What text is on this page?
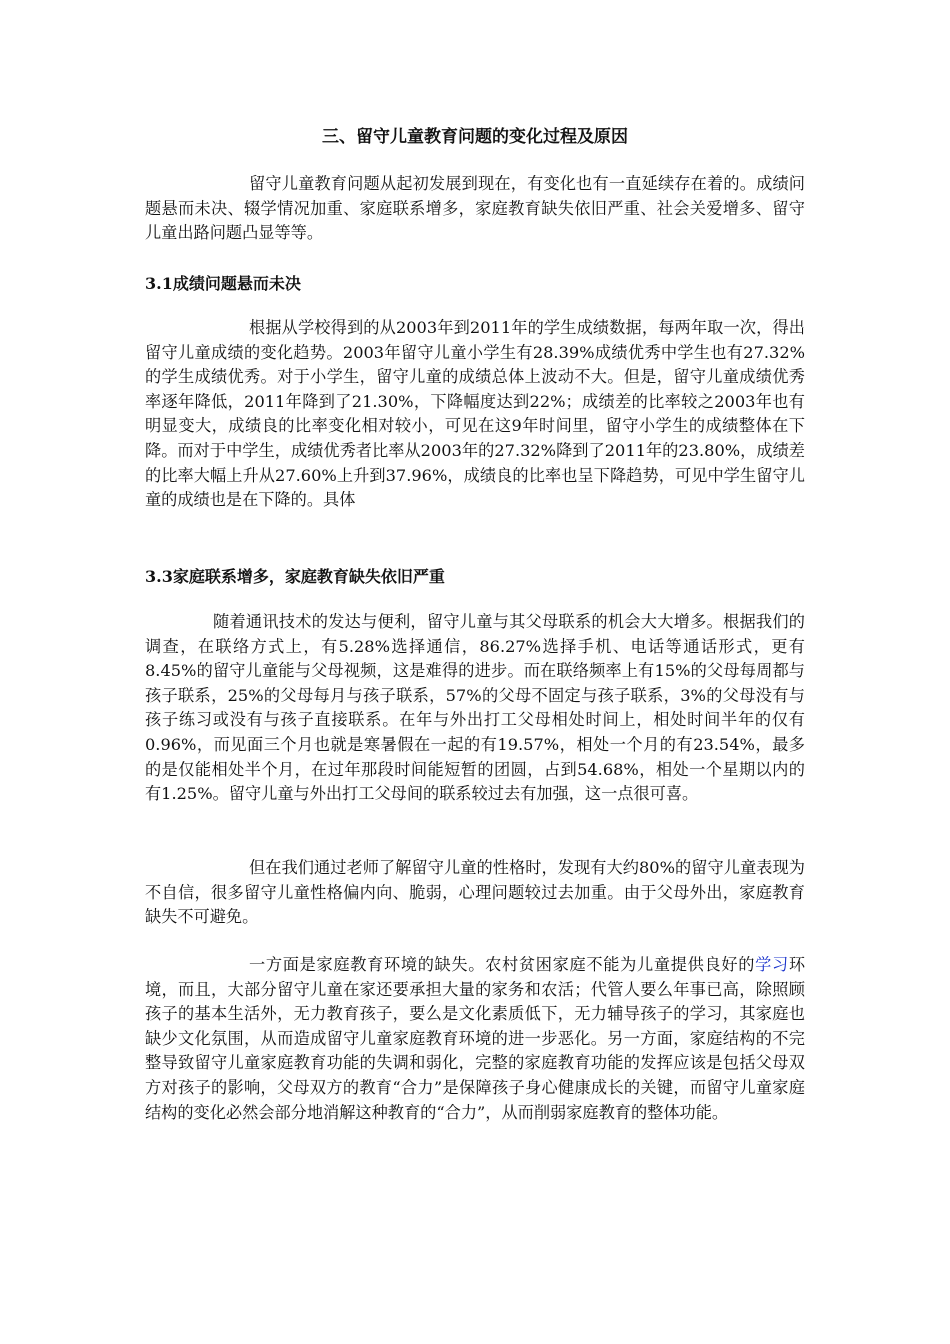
三、留守儿童教育问题的变化过程及原因

留守儿童教育问题从起初发展到现在，有变化也有一直延续存在着的。成绩问题悬而未决、辍学情况加重、家庭联系增多，家庭教育缺失依旧严重、社会关爱增多、留守儿童出路问题凸显等等。

3.1成绩问题悬而未决

根据从学校得到的从2003年到2011年的学生成绩数据，每两年取一次，得出留守儿童成绩的变化趋势。2003年留守儿童小学生有28.39%成绩优秀中学生也有27.32%的学生成绩优秀。对于小学生，留守儿童的成绩总体上波动不大。但是，留守儿童成绩优秀率逐年降低，2011年降到了21.30%，下降幅度达到22%；成绩差的比率较之2003年也有明显变大，成绩良的比率变化相对较小，可见在这9年时间里，留守小学生的成绩整体在下降。而对于中学生，成绩优秀者比率从2003年的27.32%降到了2011年的23.80%，成绩差的比率大幅上升从27.60%上升到37.96%，成绩良的比率也呈下降趋势，可见中学生留守儿童的成绩也是在下降的。具体

3.3家庭联系增多，家庭教育缺失依旧严重

随着通讯技术的发达与便利，留守儿童与其父母联系的机会大大增多。根据我们的调查，在联络方式上，有5.28%选择通信，86.27%选择手机、电话等通话形式，更有8.45%的留守儿童能与父母视频，这是难得的进步。而在联络频率上有15%的父母每周都与孩子联系，25%的父母每月与孩子联系，57%的父母不固定与孩子联系，3%的父母没有与孩子练习或没有与孩子直接联系。在年与外出打工父母相处时间上，相处时间半年的仅有0.96%，而见面三个月也就是寒暑假在一起的有19.57%，相处一个月的有23.54%，最多的是仅能相处半个月，在过年那段时间能短暂的团圆，占到54.68%，相处一个星期以内的有1.25%。留守儿童与外出打工父母间的联系较过去有加强，这一点很可喜。

但在我们通过老师了解留守儿童的性格时，发现有大约80%的留守儿童表现为不自信，很多留守儿童性格偏内向、脆弱，心理问题较过去加重。由于父母外出，家庭教育缺失不可避免。

一方面是家庭教育环境的缺失。农村贫困家庭不能为儿童提供良好的学习环境，而且，大部分留守儿童在家还要承担大量的家务和农活；代管人要么年事已高，除照顾孩子的基本生活外，无力教育孩子，要么是文化素质低下，无力辅导孩子的学习，其家庭也缺少文化氛围，从而造成留守儿童家庭教育环境的进一步恶化。另一方面，家庭结构的不完整导致留守儿童家庭教育功能的失调和弱化，完整的家庭教育功能的发挥应该是包括父母双方对孩子的影响，父母双方的教育“合力”是保障孩子身心健康成长的关键，而留守儿童家庭结构的变化必然会部分地消解这种教育的“合力”，从而削弱家庭教育的整体功能。
